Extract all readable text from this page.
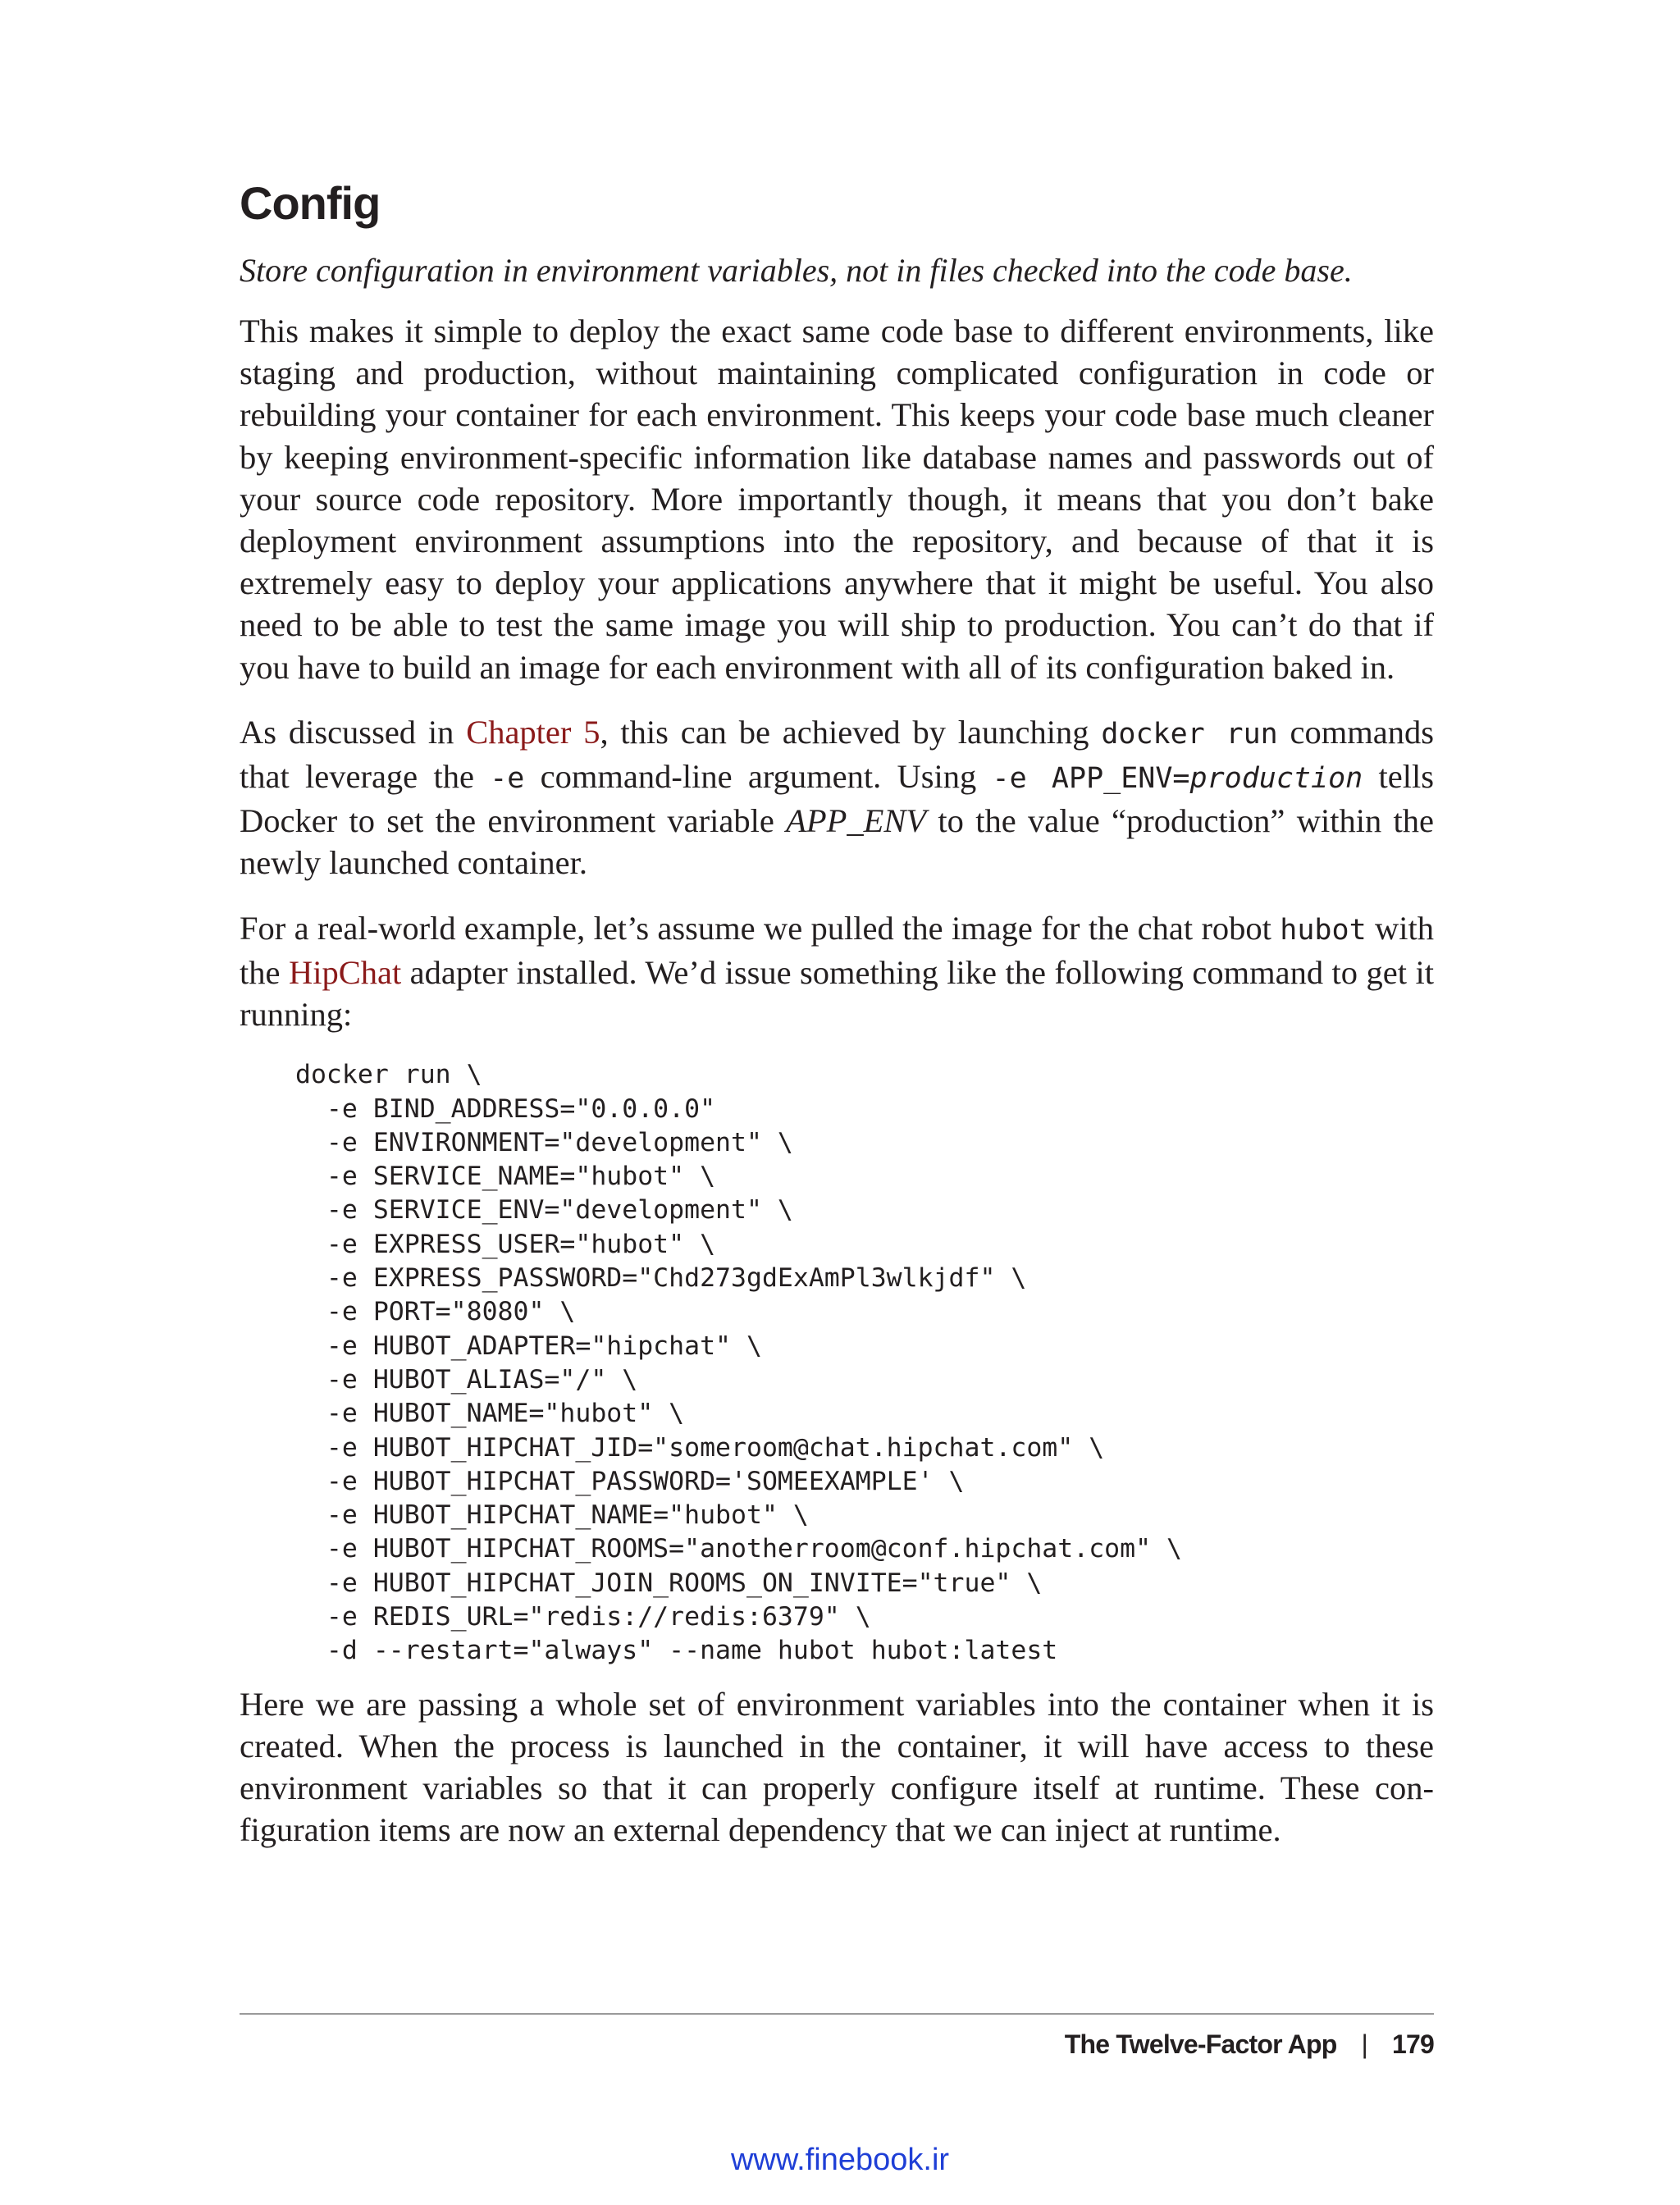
Config
Store configuration in environment variables, not in files checked into the code base.

This makes it simple to deploy the exact same code base to different environments, like staging and production, without maintaining complicated configuration in code or rebuilding your container for each environment. This keeps your code base much cleaner by keeping environment-specific information like database names and passwords out of your source code repository. More importantly though, it means that you don’t bake deployment environment assumptions into the repository, and because of that it is extremely easy to deploy your applications anywhere that it might be useful. You also need to be able to test the same image you will ship to production. You can’t do that if you have to build an image for each environment with all of its configuration baked in.

As discussed in Chapter 5, this can be achieved by launching docker run commands that leverage the -e command-line argument. Using -e APP_ENV=production tells Docker to set the environment variable APP_ENV to the value “production” within the newly launched container.

For a real-world example, let’s assume we pulled the image for the chat robot hubot with the HipChat adapter installed. We’d issue something like the following command to get it running:

docker run \
-e BIND_ADDRESS="0.0.0.0"
-e ENVIRONMENT="development" \
-e SERVICE_NAME="hubot" \
-e SERVICE_ENV="development" \
-e EXPRESS_USER="hubot" \
-e EXPRESS_PASSWORD="Chd273gdExAmPl3wlkjdf" \
-e PORT="8080" \
-e HUBOT_ADAPTER="hipchat" \
-e HUBOT_ALIAS="/" \
-e HUBOT_NAME="hubot" \
-e HUBOT_HIPCHAT_JID="someroom@chat.hipchat.com" \
-e HUBOT_HIPCHAT_PASSWORD='SOMEEXAMPLE' \
-e HUBOT_HIPCHAT_NAME="hubot" \
-e HUBOT_HIPCHAT_ROOMS="anotherroom@conf.hipchat.com" \
-e HUBOT_HIPCHAT_JOIN_ROOMS_ON_INVITE="true" \
-e REDIS_URL="redis://redis:6379" \
-d --restart="always" --name hubot hubot:latest

Here we are passing a whole set of environment variables into the container when it is created. When the process is launched in the container, it will have access to these environment variables so that it can properly configure itself at runtime. These configuration items are now an external dependency that we can inject at runtime.

The Twelve-Factor App | 179
www.finebook.ir
